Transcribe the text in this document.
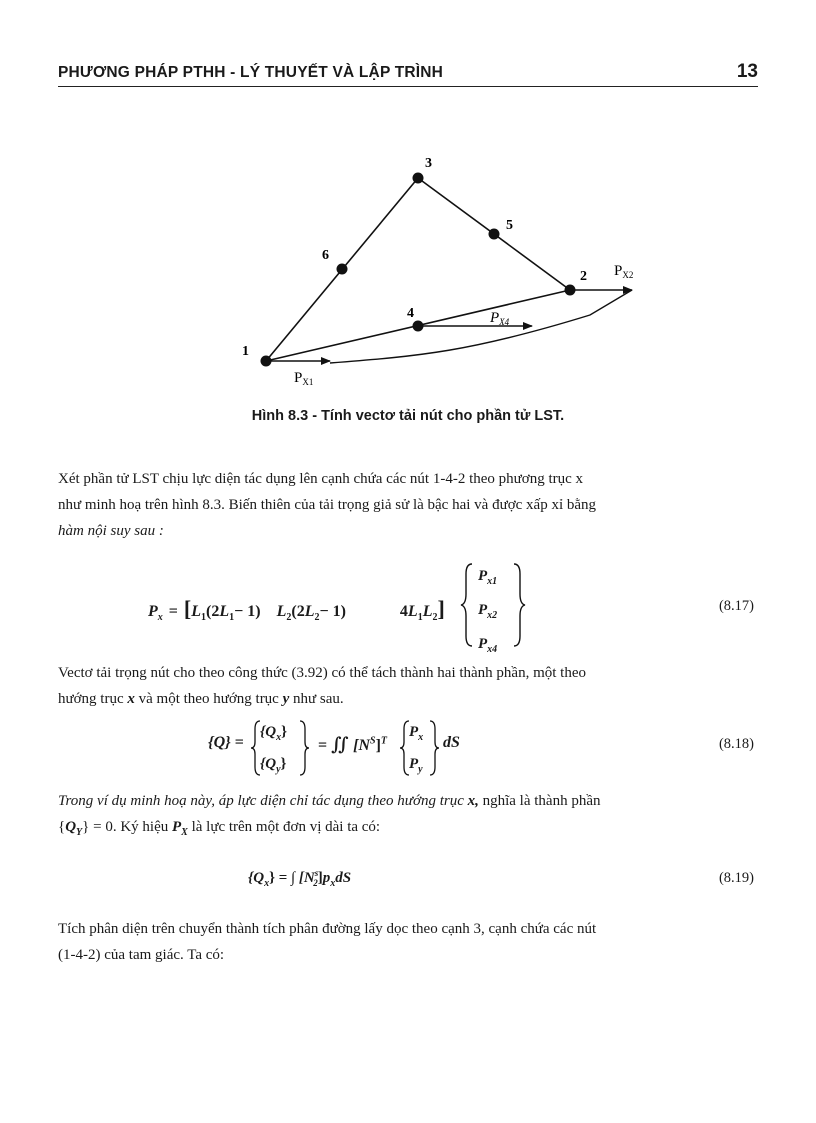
PHƯƠNG PHÁP PTHH - LÝ THUYẾT VÀ LẬP TRÌNH	13
1
2
3
4
5
6
$P_{X1}$
$P_{X2}$
$P_{X4}$
Hình 8.3 - Tính vectơ tải nút cho phần tử LST.
Xét phần tử LST chịu lực diện tác dụng lên cạnh chứa các nút 1-4-2 theo phương trục x
như minh hoạ trên hình 8.3. Biến thiên của tải trọng giả sử là bậc hai và được xấp xỉ bằng
hàm nội suy sau :
$P_x = [L_1(2L_1- 1)$ $L_2(2L_2- 1)$	$4L_1L_2$]
$P_{x1}$
$P_{x2}$
$P_{x4}$
(8.17)
Vectơ tải trọng nút cho theo công thức (3.92) có thể tách thành hai thành phần, một theo
hướng trục x và một theo hướng trục y như sau.
{Q} =
$\{Q_x\}$
$\{Q_y\}$
= ∬ $[N^S]^T$
$P_x$
$P_y$
dS	(8.18)
Trong ví dụ minh hoạ này, áp lực diện chỉ tác dụng theo hướng trục x, nghĩa là thành phần
$\{Q_Y\} = 0$. Ký hiệu $P_X$ là lực trên một đơn vị dài ta có:
$\{Q_x\}$ = ∫ $[N^s_2]p_xdS$	(8.19)
Tích phân diện trên chuyển thành tích phân đường lấy dọc theo cạnh 3, cạnh chứa các nút
(1-4-2) của tam giác. Ta có:
